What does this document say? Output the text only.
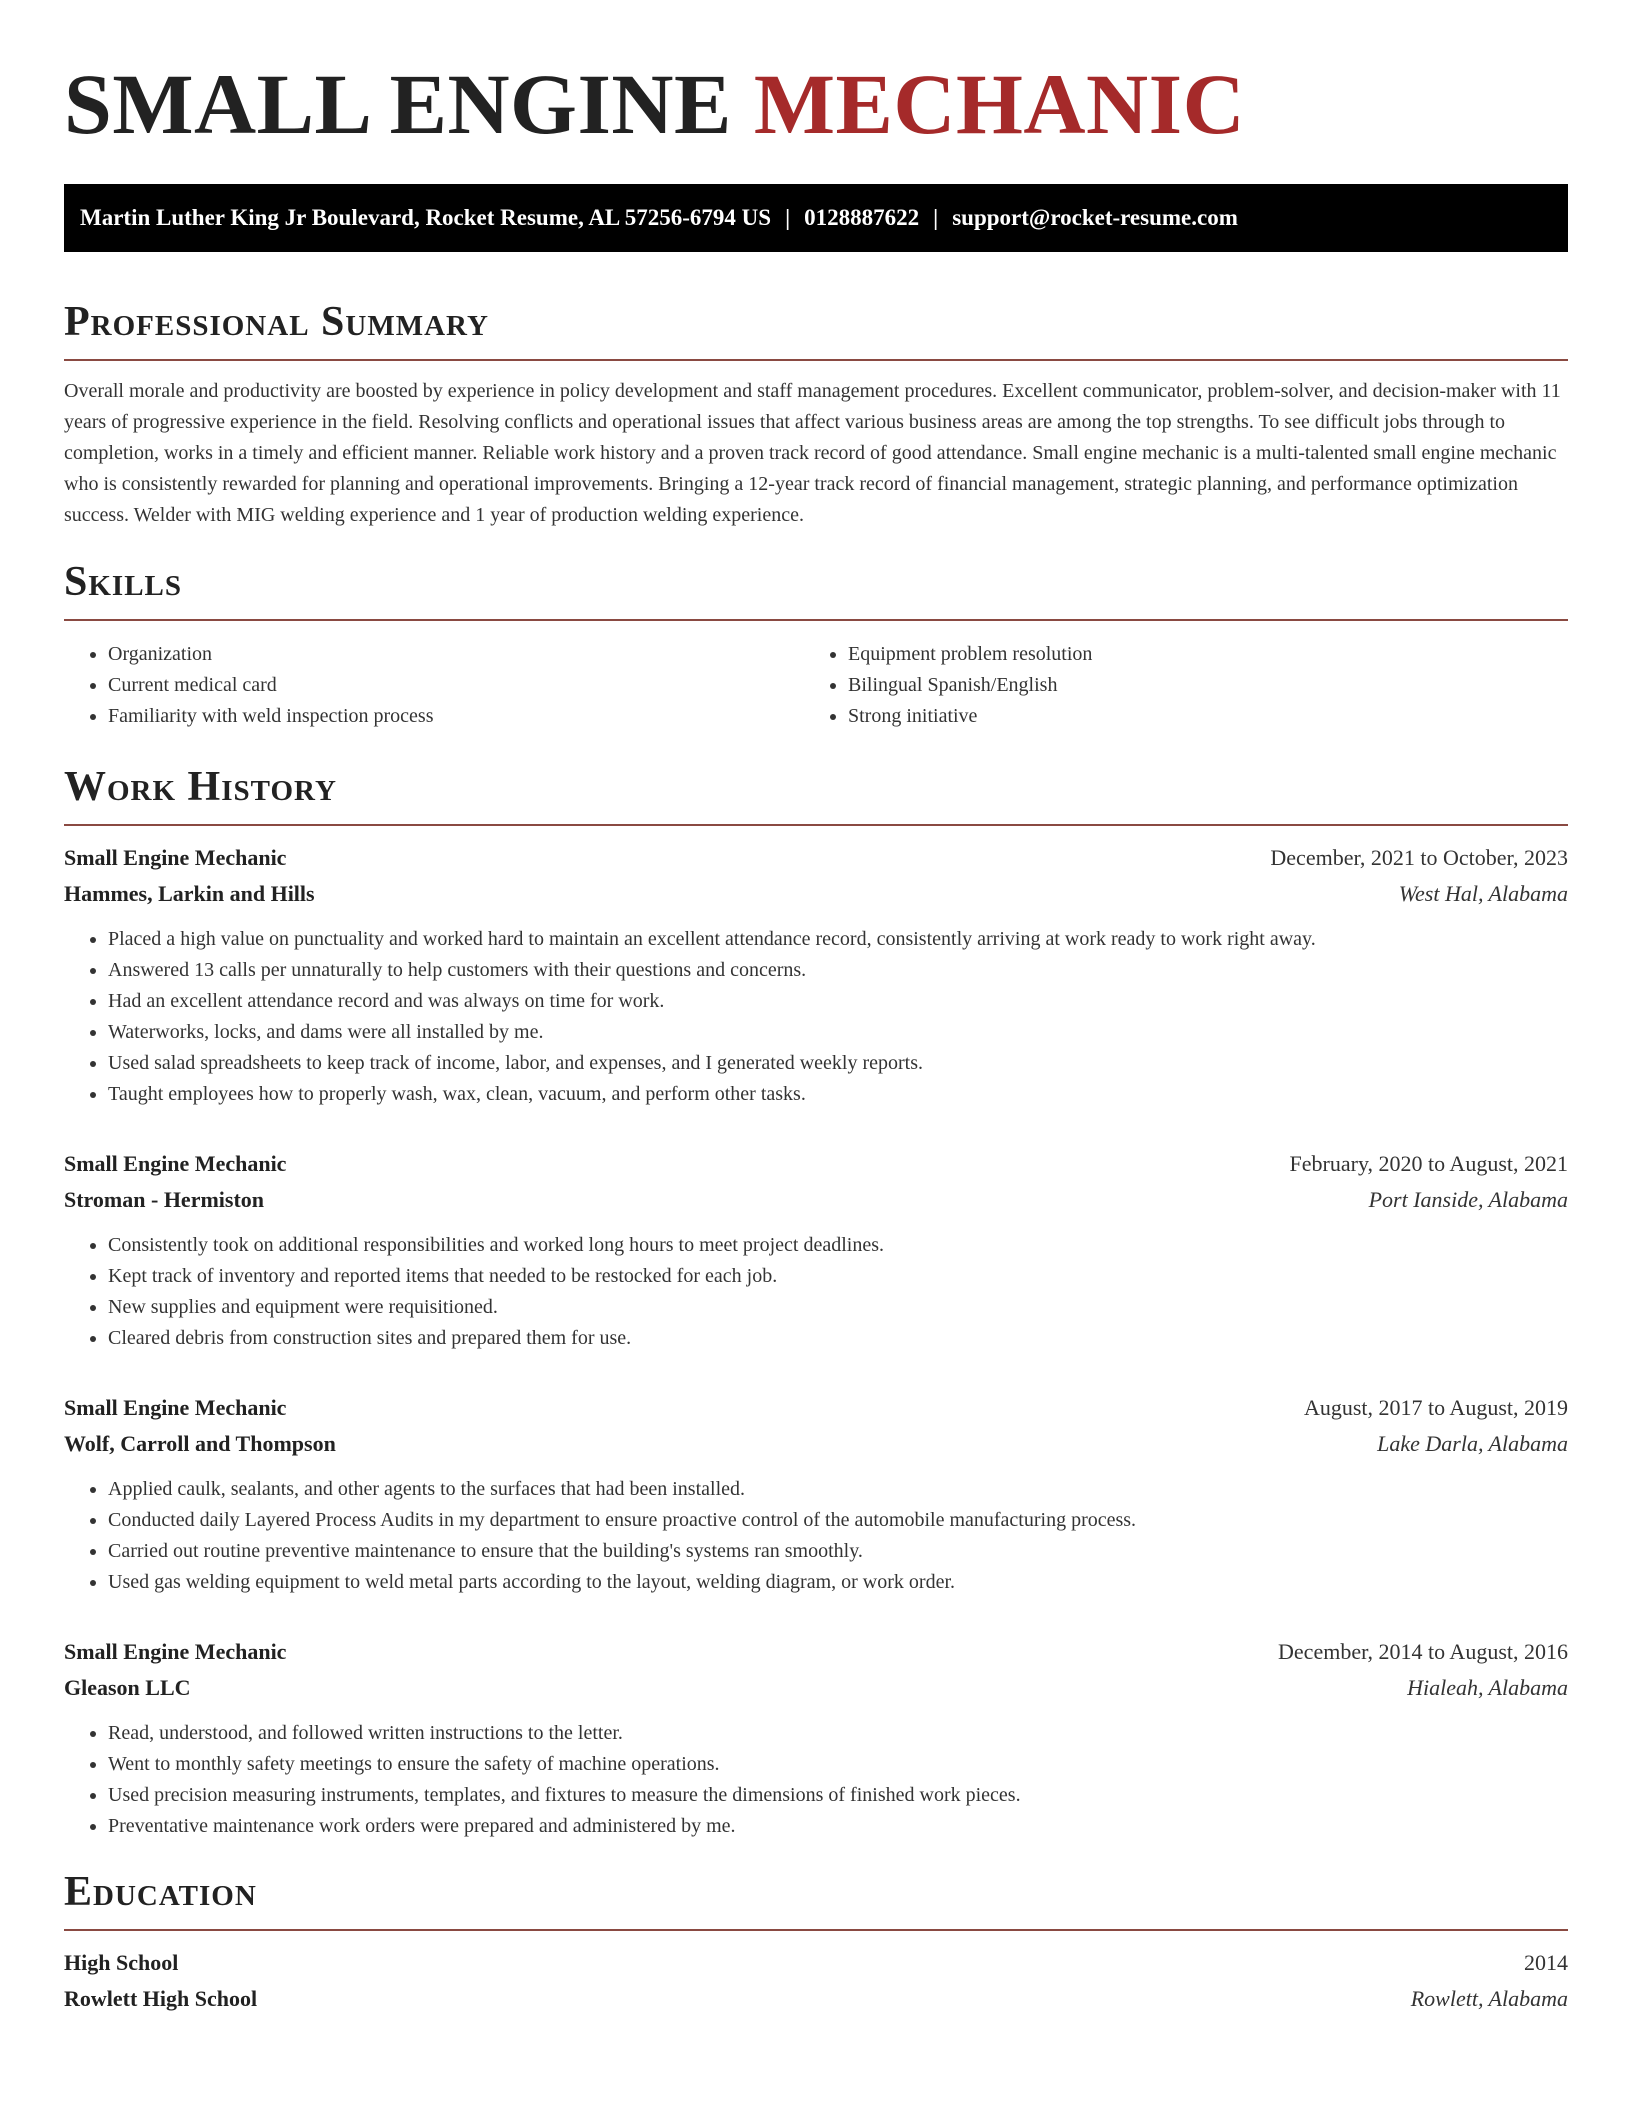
SMALL ENGINE MECHANIC
Martin Luther King Jr Boulevard, Rocket Resume, AL 57256-6794 US | 0128887622 | support@rocket-resume.com
Professional Summary

Overall morale and productivity are boosted by experience in policy development and staff management procedures. Excellent communicator, problem-solver, and decision-maker with 11 years of progressive experience in the field. Resolving conflicts and operational issues that affect various business areas are among the top strengths. To see difficult jobs through to completion, works in a timely and efficient manner. Reliable work history and a proven track record of good attendance. Small engine mechanic is a multi-talented small engine mechanic who is consistently rewarded for planning and operational improvements. Bringing a 12-year track record of financial management, strategic planning, and performance optimization success. Welder with MIG welding experience and 1 year of production welding experience.

Skills
• Organization
• Current medical card
• Familiarity with weld inspection process
• Equipment problem resolution
• Bilingual Spanish/English
• Strong initiative
Work History
Small Engine Mechanic	December, 2021 to October, 2023
Hammes, Larkin and Hills	West Hal, Alabama
• Placed a high value on punctuality and worked hard to maintain an excellent attendance record, consistently arriving at work ready to work right away.
• Answered 13 calls per unnaturally to help customers with their questions and concerns.
• Had an excellent attendance record and was always on time for work.
• Waterworks, locks, and dams were all installed by me.
• Used salad spreadsheets to keep track of income, labor, and expenses, and I generated weekly reports.
• Taught employees how to properly wash, wax, clean, vacuum, and perform other tasks.
Small Engine Mechanic	February, 2020 to August, 2021
Stroman - Hermiston	Port Ianside, Alabama
• Consistently took on additional responsibilities and worked long hours to meet project deadlines.
• Kept track of inventory and reported items that needed to be restocked for each job.
• New supplies and equipment were requisitioned.
• Cleared debris from construction sites and prepared them for use.
Small Engine Mechanic	August, 2017 to August, 2019
Wolf, Carroll and Thompson	Lake Darla, Alabama
• Applied caulk, sealants, and other agents to the surfaces that had been installed.
• Conducted daily Layered Process Audits in my department to ensure proactive control of the automobile manufacturing process.
• Carried out routine preventive maintenance to ensure that the building's systems ran smoothly.
• Used gas welding equipment to weld metal parts according to the layout, welding diagram, or work order.
Small Engine Mechanic	December, 2014 to August, 2016
Gleason LLC	Hialeah, Alabama
• Read, understood, and followed written instructions to the letter.
• Went to monthly safety meetings to ensure the safety of machine operations.
• Used precision measuring instruments, templates, and fixtures to measure the dimensions of finished work pieces.
• Preventative maintenance work orders were prepared and administered by me.
Education
High School	2014
Rowlett High School	Rowlett, Alabama
